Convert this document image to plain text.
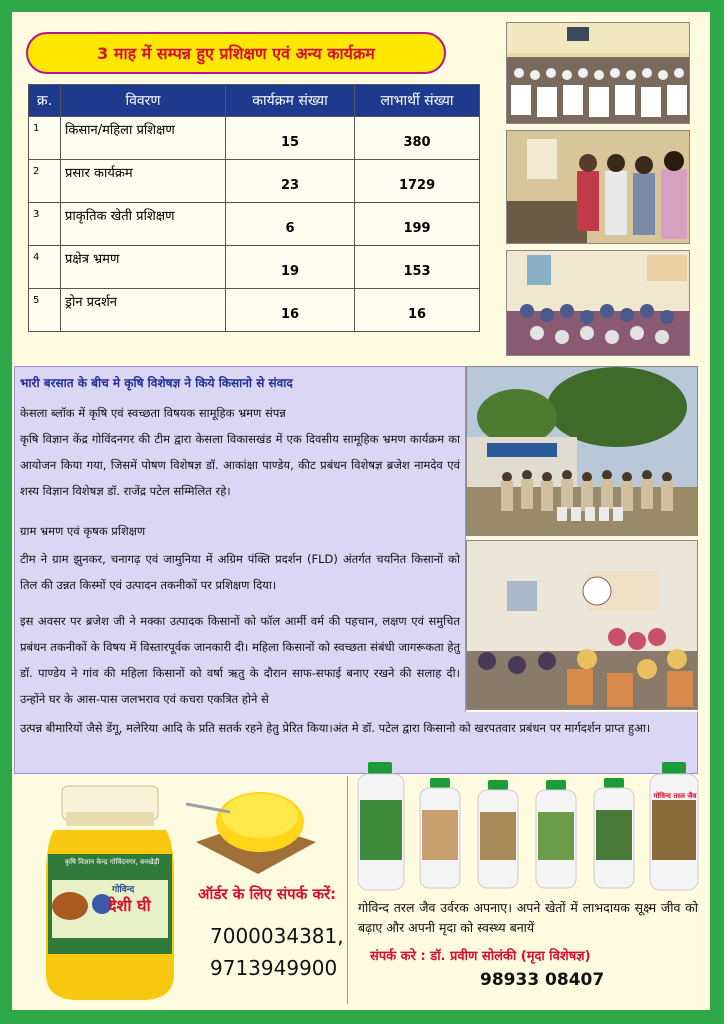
3 माह में सम्पन्न हुए प्रशिक्षण एवं अन्य कार्यक्रम
क्र.	विवरण	कार्यक्रम संख्या	लाभार्थी संख्या
1	किसान/महिला प्रशिक्षण	15	380
2	प्रसार कार्यक्रम	23	1729
3	प्राकृतिक खेती प्रशिक्षण	6	199
4	प्रक्षेत्र भ्रमण	19	153
5	ड्रोन प्रदर्शन	16	16
भारी बरसात के बीच मे कृषि विशेषज्ञ ने किये किसानो से संवाद
केसला ब्लॉक में कृषि एवं स्वच्छता विषयक सामूहिक भ्रमण संपन्न
कृषि विज्ञान केंद्र गोविंदनगर की टीम द्वारा केसला विकासखंड में एक दिवसीय सामूहिक भ्रमण कार्यक्रम का आयोजन किया गया, जिसमें पोषण विशेषज्ञ डॉ. आकांक्षा पाण्डेय, कीट प्रबंधन विशेषज्ञ ब्रजेश नामदेव एवं शस्य विज्ञान विशेषज्ञ डॉ. राजेंद्र पटेल सम्मिलित रहे।
ग्राम भ्रमण एवं कृषक प्रशिक्षण
टीम ने ग्राम झुनकर, चनागढ़ एवं जामुनिया में अग्रिम पंक्ति प्रदर्शन (FLD) अंतर्गत चयनित किसानों को तिल की उन्नत किस्मों एवं उत्पादन तकनीकों पर प्रशिक्षण दिया।
इस अवसर पर ब्रजेश जी ने मक्का उत्पादक किसानों को फॉल आर्मी वर्म की पहचान, लक्षण एवं समुचित प्रबंधन तकनीकों के विषय में विस्तारपूर्वक जानकारी दी। महिला किसानों को स्वच्छता संबंधी जागरूकता हेतु डॉ. पाण्डेय ने गांव की महिला किसानों को वर्षा ऋतु के दौरान साफ-सफाई बनाए रखने की सलाह दी। उन्होंने घर के आस-पास जलभराव एवं कचरा एकत्रित होने से
उत्पन्न बीमारियों जैसे डेंगू, मलेरिया आदि के प्रति सतर्क रहने हेतु प्रेरित किया।अंत मे डॉ. पटेल द्वारा किसानो को खरपतवार प्रबंधन पर मार्गदर्शन प्राप्त हुआ।
कृषि विज्ञान केन्द्र गोविंदनगर, बनखेड़ी
गोविन्द
देशी घी
ऑर्डर के लिए संपर्क करें:
7000034381,
9713949900
गोविन्द तरल जैव
गोविन्द तरल जैव उर्वरक अपनाए। अपने खेतों में लाभदायक सूक्ष्म जीव को बढ़ाए और अपनी मृदा को स्वस्थ्य बनायें
संपर्क करे : डॉ. प्रवीण सोलंकी (मृदा विशेषज्ञ)
98933 08407
